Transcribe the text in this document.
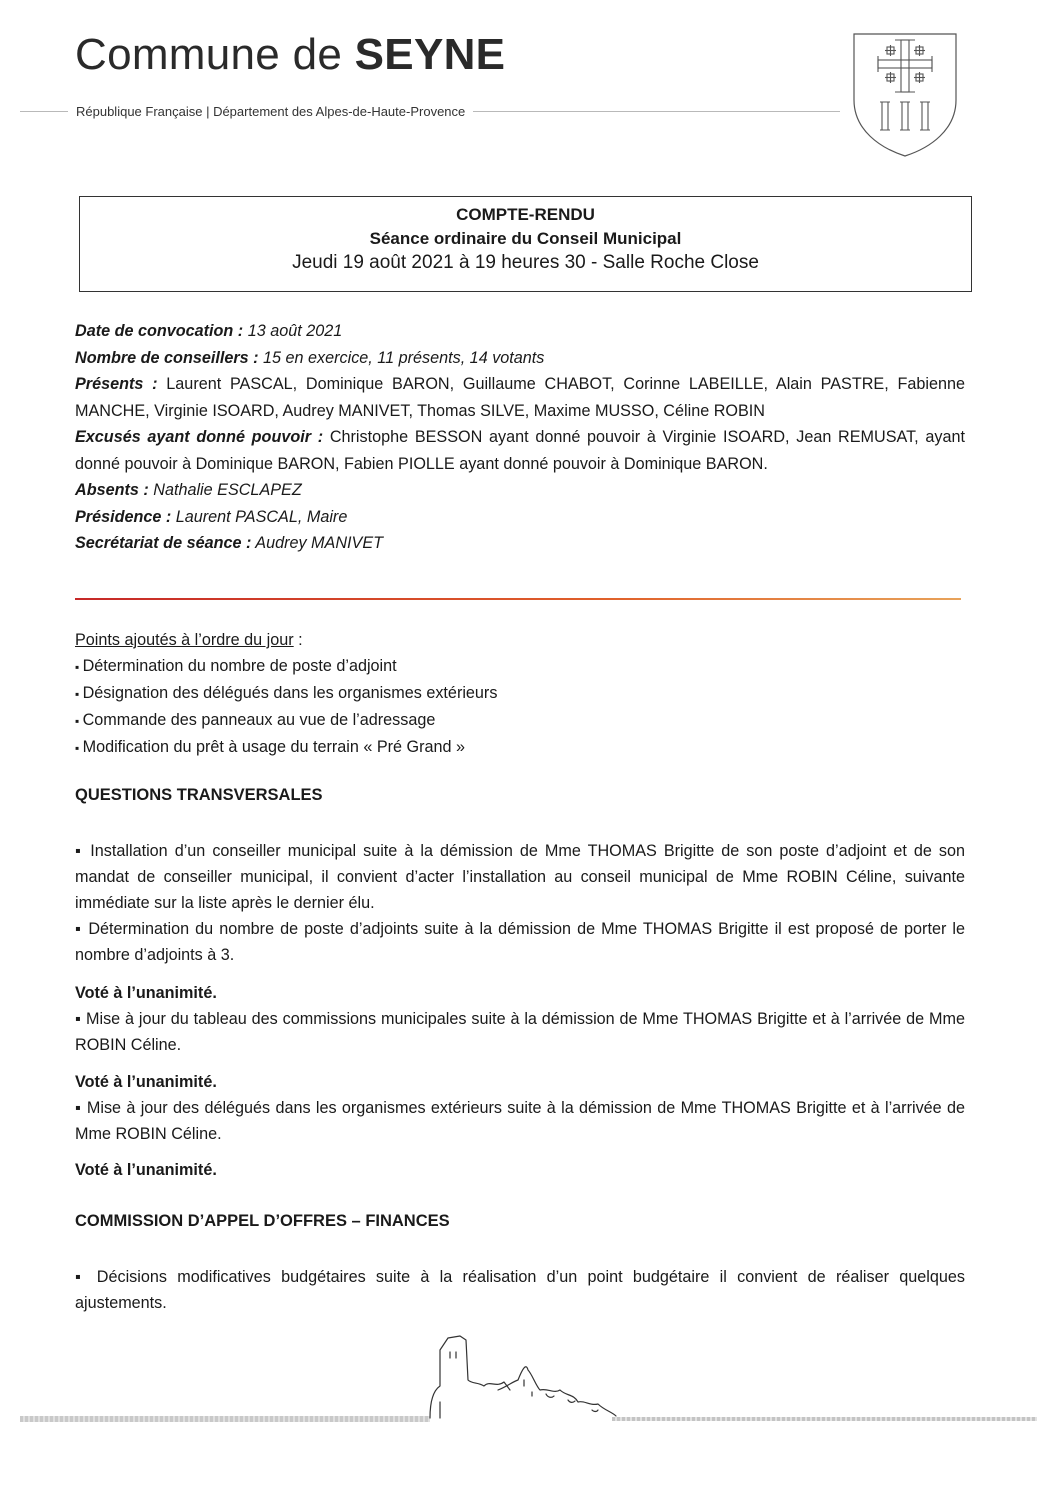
Commune de SEYNE
République Française | Département des Alpes-de-Haute-Provence
COMPTE-RENDU
Séance ordinaire du Conseil Municipal
Jeudi 19 août 2021 à 19 heures 30 - Salle Roche Close

Date de convocation : 13 août 2021

Nombre de conseillers : 15 en exercice, 11 présents, 14 votants

Présents : Laurent PASCAL, Dominique BARON, Guillaume CHABOT, Corinne LABEILLE, Alain PASTRE, Fabienne MANCHE, Virginie ISOARD, Audrey MANIVET, Thomas SILVE, Maxime MUSSO, Céline ROBIN

Excusés ayant donné pouvoir : Christophe BESSON ayant donné pouvoir à Virginie ISOARD, Jean REMUSAT, ayant donné pouvoir à Dominique BARON, Fabien PIOLLE ayant donné pouvoir à Dominique BARON.

Absents : Nathalie ESCLAPEZ

Présidence : Laurent PASCAL, Maire

Secrétariat de séance : Audrey MANIVET

Points ajoutés à l’ordre du jour :
▪ Détermination du nombre de poste d’adjoint
▪ Désignation des délégués dans les organismes extérieurs
▪ Commande des panneaux au vue de l’adressage
▪ Modification du prêt à usage du terrain « Pré Grand »
QUESTIONS TRANSVERSALES

▪ Installation d’un conseiller municipal suite à la démission de Mme THOMAS Brigitte de son poste d’adjoint et de son mandat de conseiller municipal, il convient d’acter l’installation au conseil municipal de Mme ROBIN Céline, suivante immédiate sur la liste après le dernier élu.

▪ Détermination du nombre de poste d’adjoints suite à la démission de Mme THOMAS Brigitte il est proposé de porter le nombre d’adjoints à 3.

Voté à l’unanimité.

▪ Mise à jour du tableau des commissions municipales suite à la démission de Mme THOMAS Brigitte et à l’arrivée de Mme ROBIN Céline.

Voté à l’unanimité.

▪ Mise à jour des délégués dans les organismes extérieurs suite à la démission de Mme THOMAS Brigitte et à l’arrivée de Mme ROBIN Céline.

Voté à l’unanimité.

COMMISSION D’APPEL D’OFFRES – FINANCES

▪ Décisions modificatives budgétaires suite à la réalisation d’un point budgétaire il convient de réaliser quelques ajustements.
